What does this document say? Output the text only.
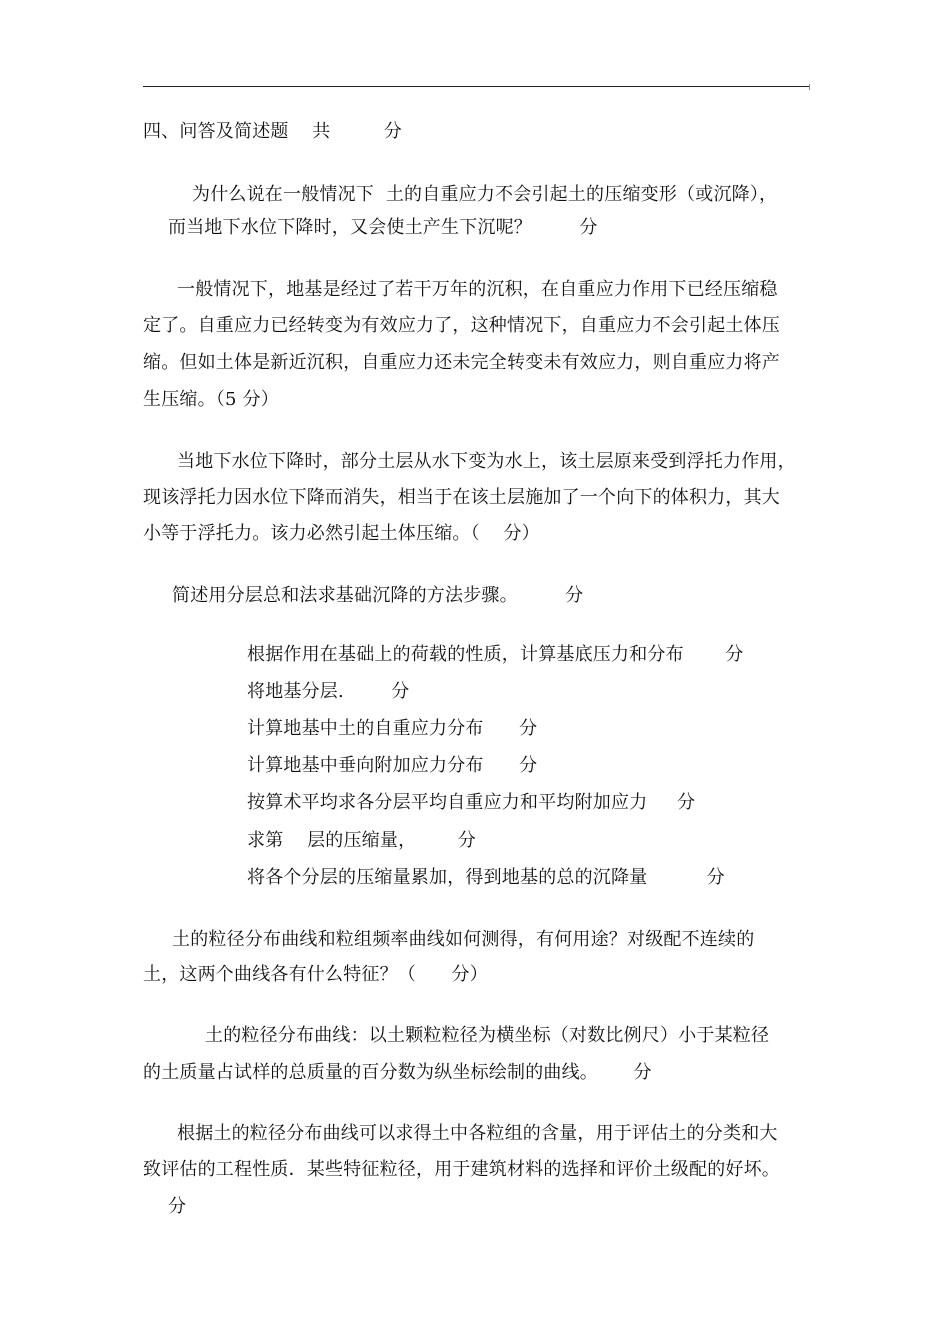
四、问答及简述题    共         分
为什么说在一般情况下  土的自重应力不会引起土的压缩变形（或沉降），
而当地下水位下降时，又会使土产生下沉呢？        分
一般情况下，地基是经过了若干万年的沉积，在自重应力作用下已经压缩稳
定了。自重应力已经转变为有效应力了，这种情况下，自重应力不会引起土体压
缩。但如土体是新近沉积，自重应力还未完全转变未有效应力，则自重应力将产
生压缩。（5 分）
当地下水位下降时，部分土层从水下变为水上，该土层原来受到浮托力作用，
现该浮托力因水位下降而消失，相当于在该土层施加了一个向下的体积力，其大
小等于浮托力。该力必然引起土体压缩。（    分）
简述用分层总和法求基础沉降的方法步骤。        分
根据作用在基础上的荷载的性质，计算基底压力和分布       分
将地基分层.        分
计算地基中土的自重应力分布      分
计算地基中垂向附加应力分布      分
按算术平均求各分层平均自重应力和平均附加应力     分
求第    层的压缩量，       分
将各个分层的压缩量累加，得到地基的总的沉降量          分
土的粒径分布曲线和粒组频率曲线如何测得，有何用途？对级配不连续的
土，这两个曲线各有什么特征？（      分）
土的粒径分布曲线：以土颗粒粒径为横坐标（对数比例尺）小于某粒径
的土质量占试样的总质量的百分数为纵坐标绘制的曲线。      分
根据土的粒径分布曲线可以求得土中各粒组的含量，用于评估土的分类和大
致评估的工程性质．某些特征粒径，用于建筑材料的选择和评价土级配的好坏。
分
